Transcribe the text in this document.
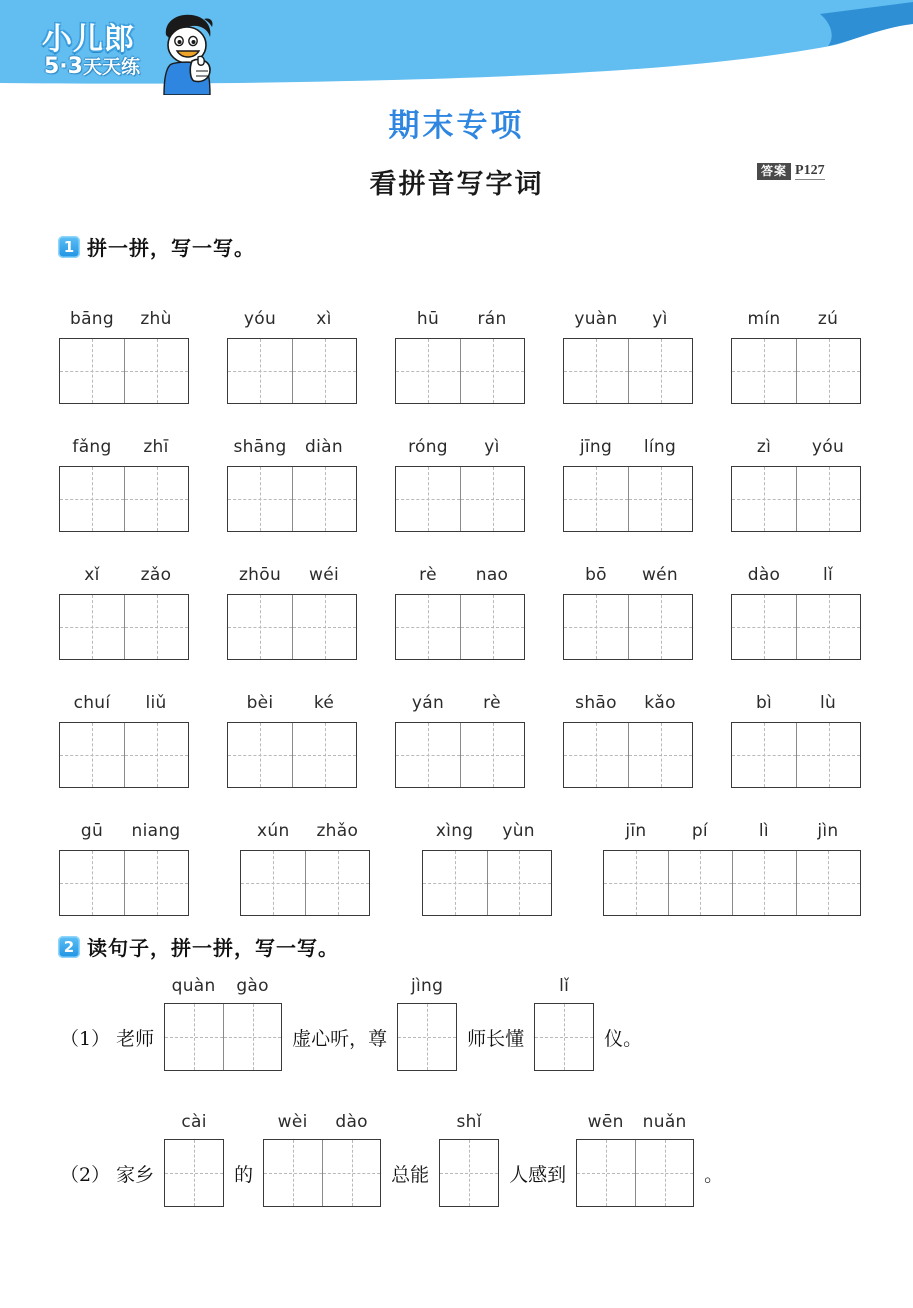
小儿郎
5·3天天练
期末专项
看拼音写字词	答案 P127
1 拼一拼，写一写。
bāng	zhù	yóu	xì	hū	rán	yuàn	yì	mín	zú
fǎng	zhī	shāng	diàn	róng	yì	jīng	líng	zì	yóu
xǐ	zǎo	zhōu	wéi	rè	nao	bō	wén	dào	lǐ
chuí	liǔ	bèi	ké	yán	rè	shāo	kǎo	bì	lù
gū	niang	xún	zhǎo	xìng	yùn	jīn	pí	lì	jìn
2 读句子，拼一拼，写一写。
（1） 老师
quàn	gào
虚心听，尊
jìng
师长懂
lǐ
仪。
（2） 家乡
cài
的
wèi	dào
总能
shǐ
人感到
wēn	nuǎn
。
